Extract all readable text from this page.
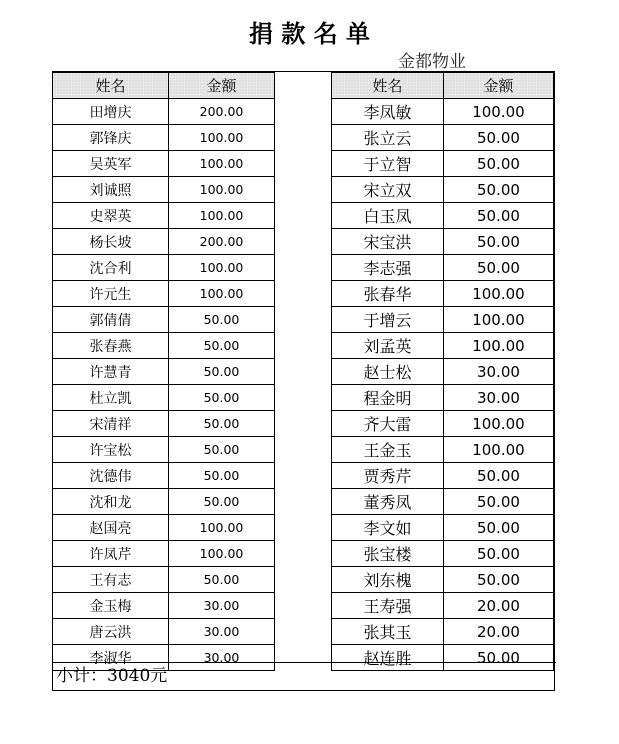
捐 款 名 单
金都物业
姓名	金额
田增庆	200.00
郭锋庆	100.00
吴英军	100.00
刘诚照	100.00
史翠英	100.00
杨长坡	200.00
沈合利	100.00
许元生	100.00
郭倩倩	50.00
张春燕	50.00
许慧青	50.00
杜立凯	50.00
宋清祥	50.00
许宝松	50.00
沈德伟	50.00
沈和龙	50.00
赵国亮	100.00
许凤芹	100.00
王有志	50.00
金玉梅	30.00
唐云洪	30.00
李淑华	30.00
姓名	金额
李凤敏	100.00
张立云	50.00
于立智	50.00
宋立双	50.00
白玉凤	50.00
宋宝洪	50.00
李志强	50.00
张春华	100.00
于增云	100.00
刘孟英	100.00
赵士松	30.00
程金明	30.00
齐大雷	100.00
王金玉	100.00
贾秀芹	50.00
董秀凤	50.00
李文如	50.00
张宝楼	50.00
刘东槐	50.00
王寿强	20.00
张其玉	20.00
赵连胜	50.00
小计：3040元
